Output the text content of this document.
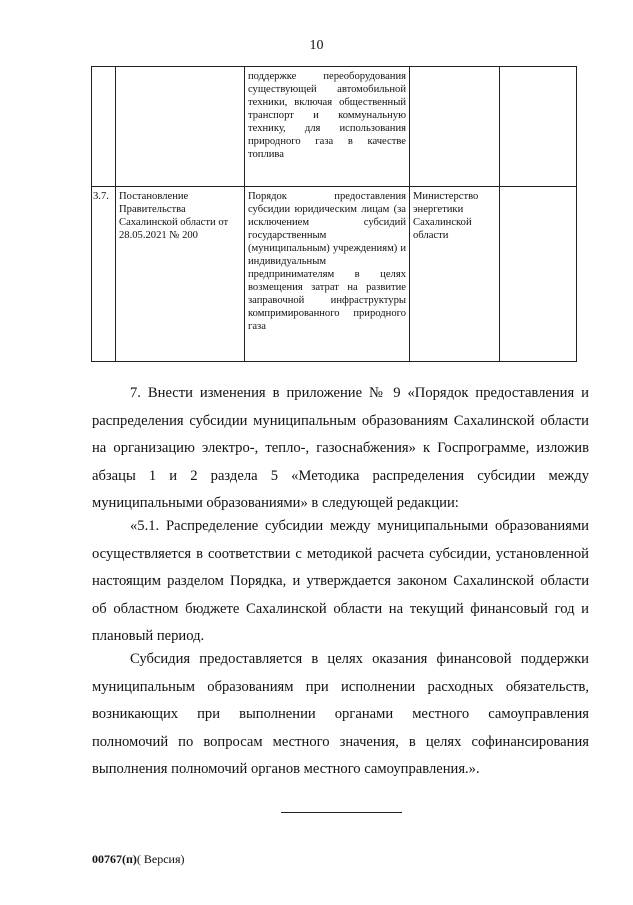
10
		поддержке переоборудования существующей автомобильной техники, включая общественный транспорт и коммунальную технику, для использования природного газа в качестве топлива		
3.7.	Постановление Правительства Сахалинской области от 28.05.2021 № 200	Порядок предоставления субсидии юридическим лицам (за исключением субсидий государственным (муниципальным) учреждениям) и индивидуальным предпринимателям в целях возмещения затрат на развитие заправочной инфраструктуры компримированного природного газа	Министерство энергетики Сахалинской области	

7. Внести изменения в приложение № 9 «Порядок предоставления и распределения субсидии муниципальным образованиям Сахалинской области на организацию электро-, тепло-, газоснабжения» к Госпрограмме, изложив абзацы 1 и 2 раздела 5 «Методика распределения субсидии между муниципальными образованиями» в следующей редакции:

«5.1. Распределение субсидии между муниципальными образованиями осуществляется в соответствии с методикой расчета субсидии, установленной настоящим разделом Порядка, и утверждается законом Сахалинской области об областном бюджете Сахалинской области на текущий финансовый год и плановый период.

Субсидия предоставляется в целях оказания финансовой поддержки муниципальным образованиям при исполнении расходных обязательств, возникающих при выполнении органами местного самоуправления полномочий по вопросам местного значения, в целях софинансирования выполнения полномочий органов местного самоуправления.».

00767(п)( Версия)
